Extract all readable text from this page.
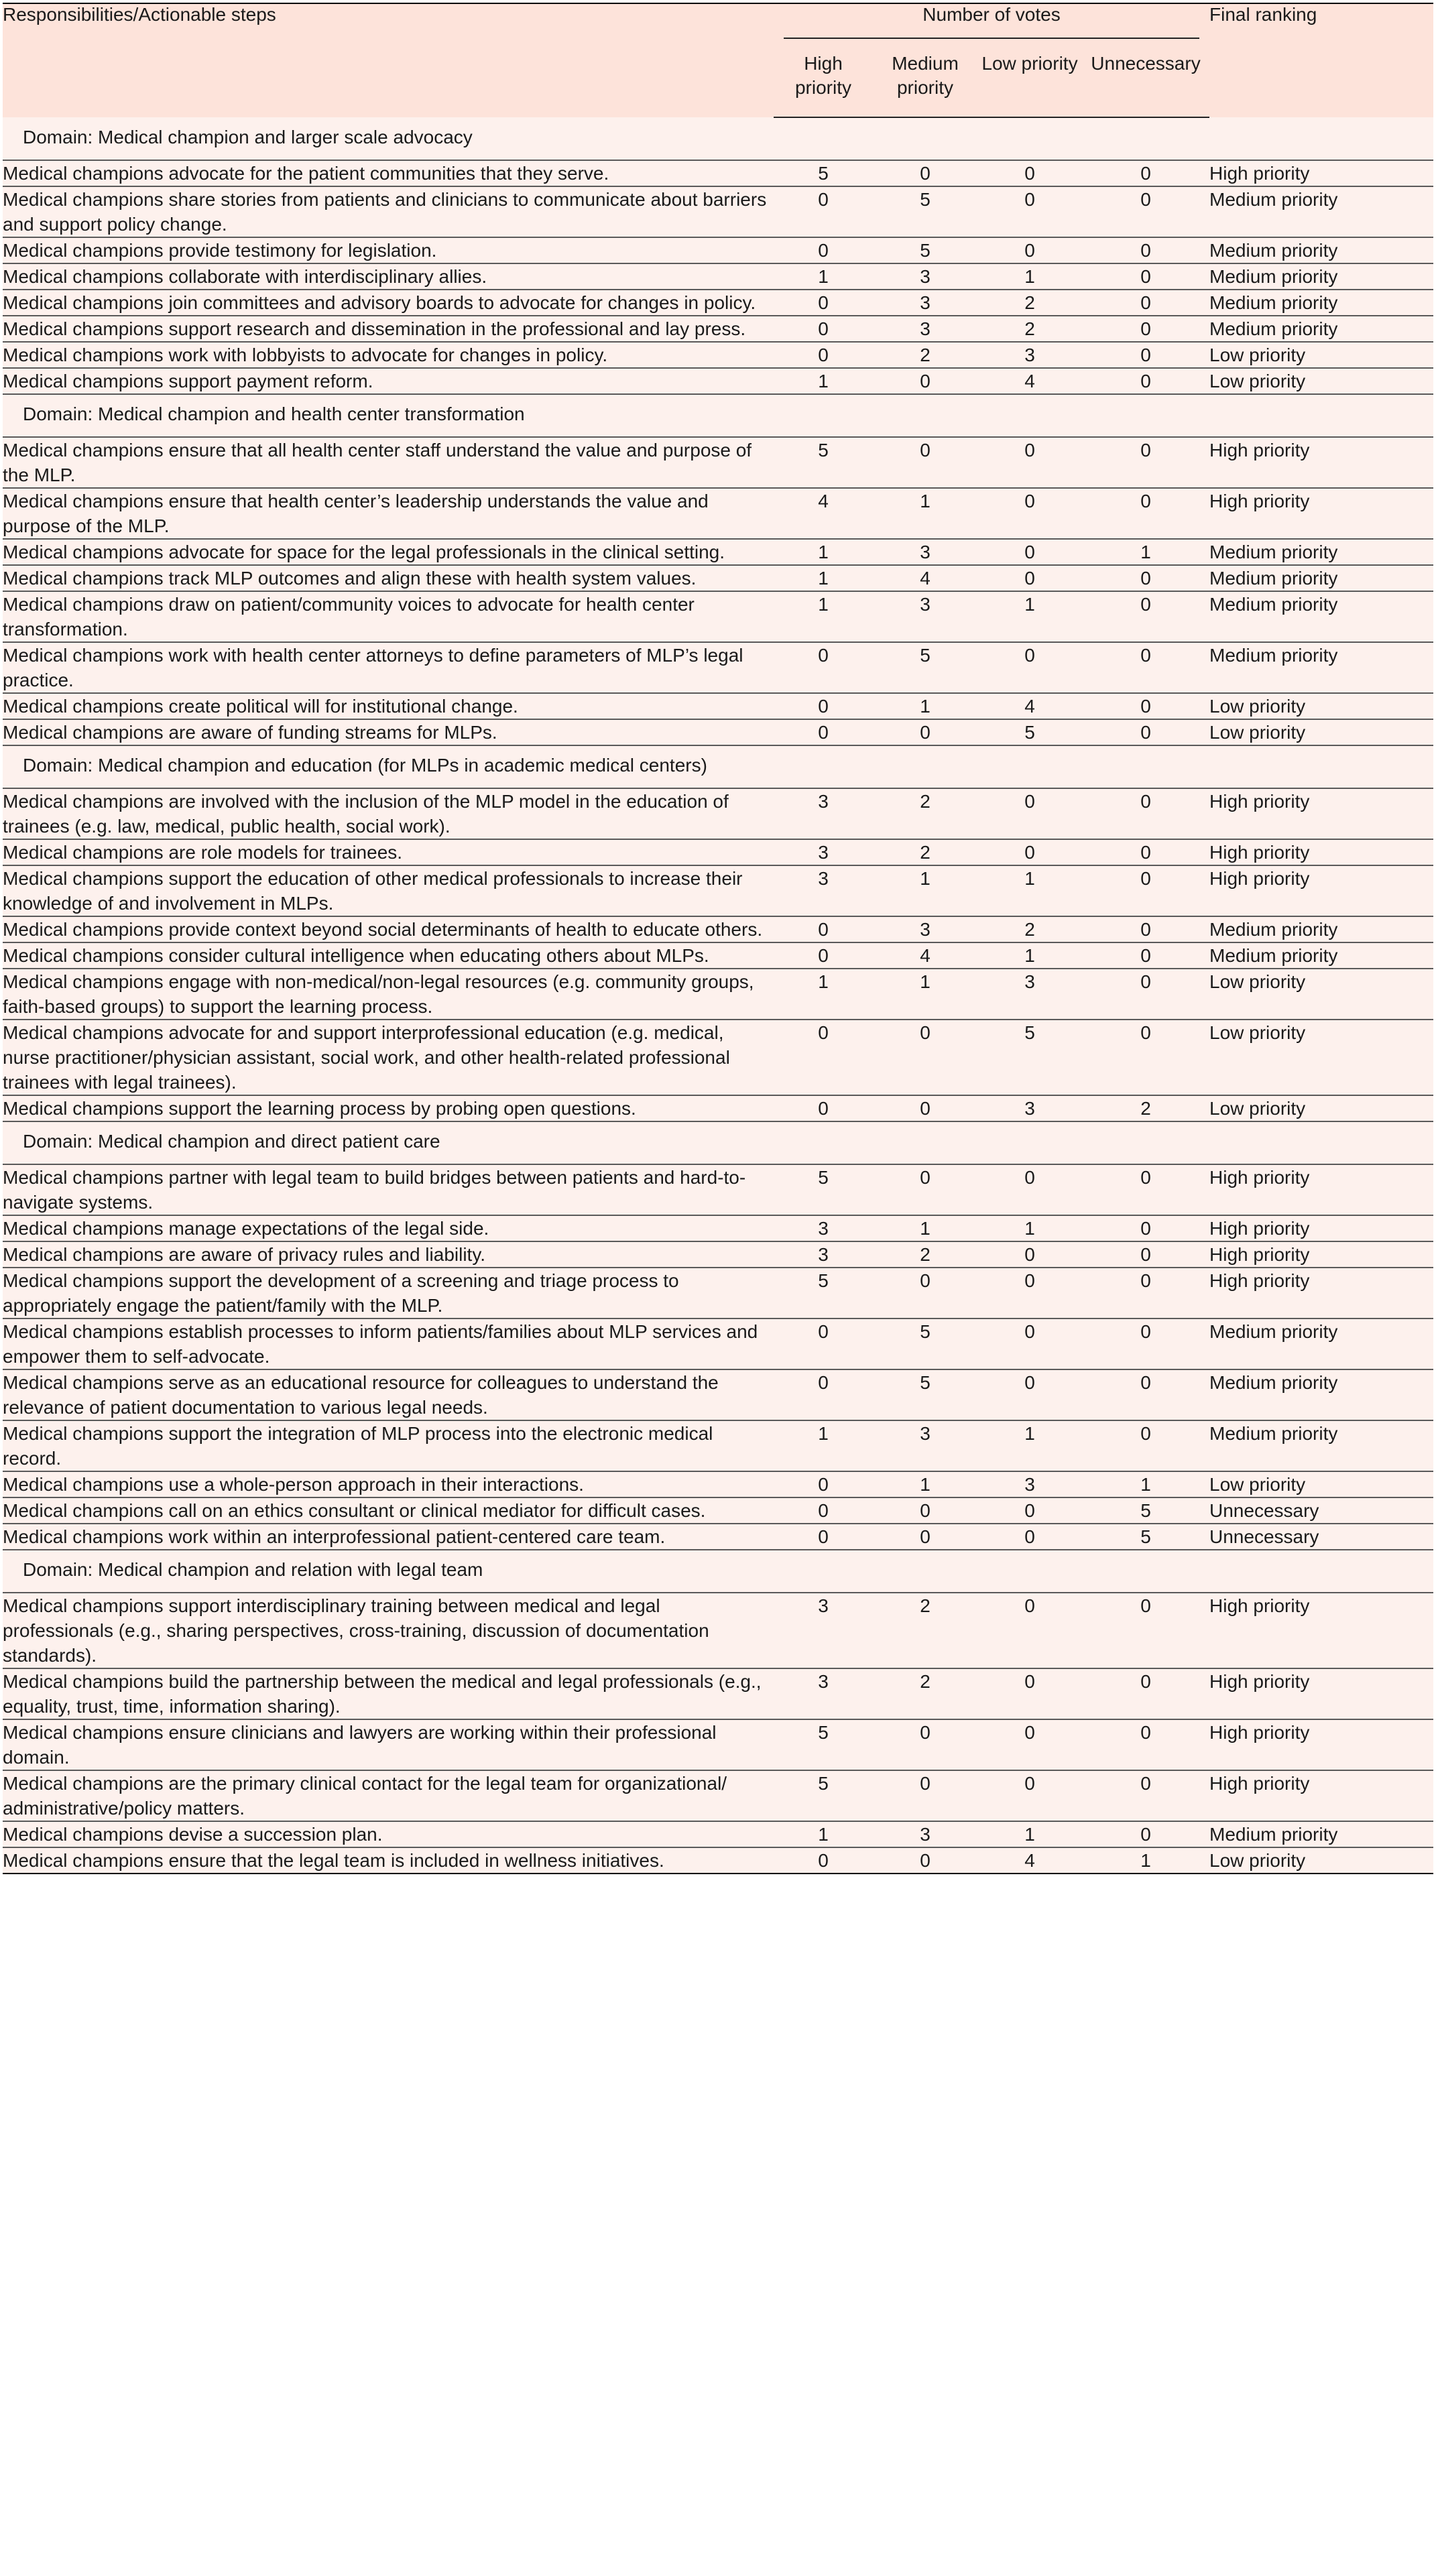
Responsibilities/Actionable steps	Number of votes				Final ranking
	High priority	Medium priority	Low priority	Unnecessary	
Domain: Medical champion and larger scale advocacy					
Medical champions advocate for the patient communities that they serve.	5	0	0	0	High priority
Medical champions share stories from patients and clinicians to communicate about barriers and support policy change.	0	5	0	0	Medium priority
Medical champions provide testimony for legislation.	0	5	0	0	Medium priority
Medical champions collaborate with interdisciplinary allies.	1	3	1	0	Medium priority
Medical champions join committees and advisory boards to advocate for changes in policy.	0	3	2	0	Medium priority
Medical champions support research and dissemination in the professional and lay press.	0	3	2	0	Medium priority
Medical champions work with lobbyists to advocate for changes in policy.	0	2	3	0	Low priority
Medical champions support payment reform.	1	0	4	0	Low priority
Domain: Medical champion and health center transformation					
Medical champions ensure that all health center staff understand the value and purpose of the MLP.	5	0	0	0	High priority
Medical champions ensure that health center’s leadership understands the value and purpose of the MLP.	4	1	0	0	High priority
Medical champions advocate for space for the legal professionals in the clinical setting.	1	3	0	1	Medium priority
Medical champions track MLP outcomes and align these with health system values.	1	4	0	0	Medium priority
Medical champions draw on patient/community voices to advocate for health center transformation.	1	3	1	0	Medium priority
Medical champions work with health center attorneys to define parameters of MLP’s legal practice.	0	5	0	0	Medium priority
Medical champions create political will for institutional change.	0	1	4	0	Low priority
Medical champions are aware of funding streams for MLPs.	0	0	5	0	Low priority
Domain: Medical champion and education (for MLPs in academic medical centers)					
Medical champions are involved with the inclusion of the MLP model in the education of trainees (e.g. law, medical, public health, social work).	3	2	0	0	High priority
Medical champions are role models for trainees.	3	2	0	0	High priority
Medical champions support the education of other medical professionals to increase their knowledge of and involvement in MLPs.	3	1	1	0	High priority
Medical champions provide context beyond social determinants of health to educate others.	0	3	2	0	Medium priority
Medical champions consider cultural intelligence when educating others about MLPs.	0	4	1	0	Medium priority
Medical champions engage with non-medical/non-legal resources (e.g. community groups, faith-based groups) to support the learning process.	1	1	3	0	Low priority
Medical champions advocate for and support interprofessional education (e.g. medical, nurse practitioner/physician assistant, social work, and other health-related professional trainees with legal trainees).	0	0	5	0	Low priority
Medical champions support the learning process by probing open questions.	0	0	3	2	Low priority
Domain: Medical champion and direct patient care					
Medical champions partner with legal team to build bridges between patients and hard-to-navigate systems.	5	0	0	0	High priority
Medical champions manage expectations of the legal side.	3	1	1	0	High priority
Medical champions are aware of privacy rules and liability.	3	2	0	0	High priority
Medical champions support the development of a screening and triage process to appropriately engage the patient/family with the MLP.	5	0	0	0	High priority
Medical champions establish processes to inform patients/families about MLP services and empower them to self-advocate.	0	5	0	0	Medium priority
Medical champions serve as an educational resource for colleagues to understand the relevance of patient documentation to various legal needs.	0	5	0	0	Medium priority
Medical champions support the integration of MLP process into the electronic medical record.	1	3	1	0	Medium priority
Medical champions use a whole-person approach in their interactions.	0	1	3	1	Low priority
Medical champions call on an ethics consultant or clinical mediator for difficult cases.	0	0	0	5	Unnecessary
Medical champions work within an interprofessional patient-centered care team.	0	0	0	5	Unnecessary
Domain: Medical champion and relation with legal team					
Medical champions support interdisciplinary training between medical and legal professionals (e.g., sharing perspectives, cross-training, discussion of documentation standards).	3	2	0	0	High priority
Medical champions build the partnership between the medical and legal professionals (e.g., equality, trust, time, information sharing).	3	2	0	0	High priority
Medical champions ensure clinicians and lawyers are working within their professional domain.	5	0	0	0	High priority
Medical champions are the primary clinical contact for the legal team for organizational/ administrative/policy matters.	5	0	0	0	High priority
Medical champions devise a succession plan.	1	3	1	0	Medium priority
Medical champions ensure that the legal team is included in wellness initiatives.	0	0	4	1	Low priority
